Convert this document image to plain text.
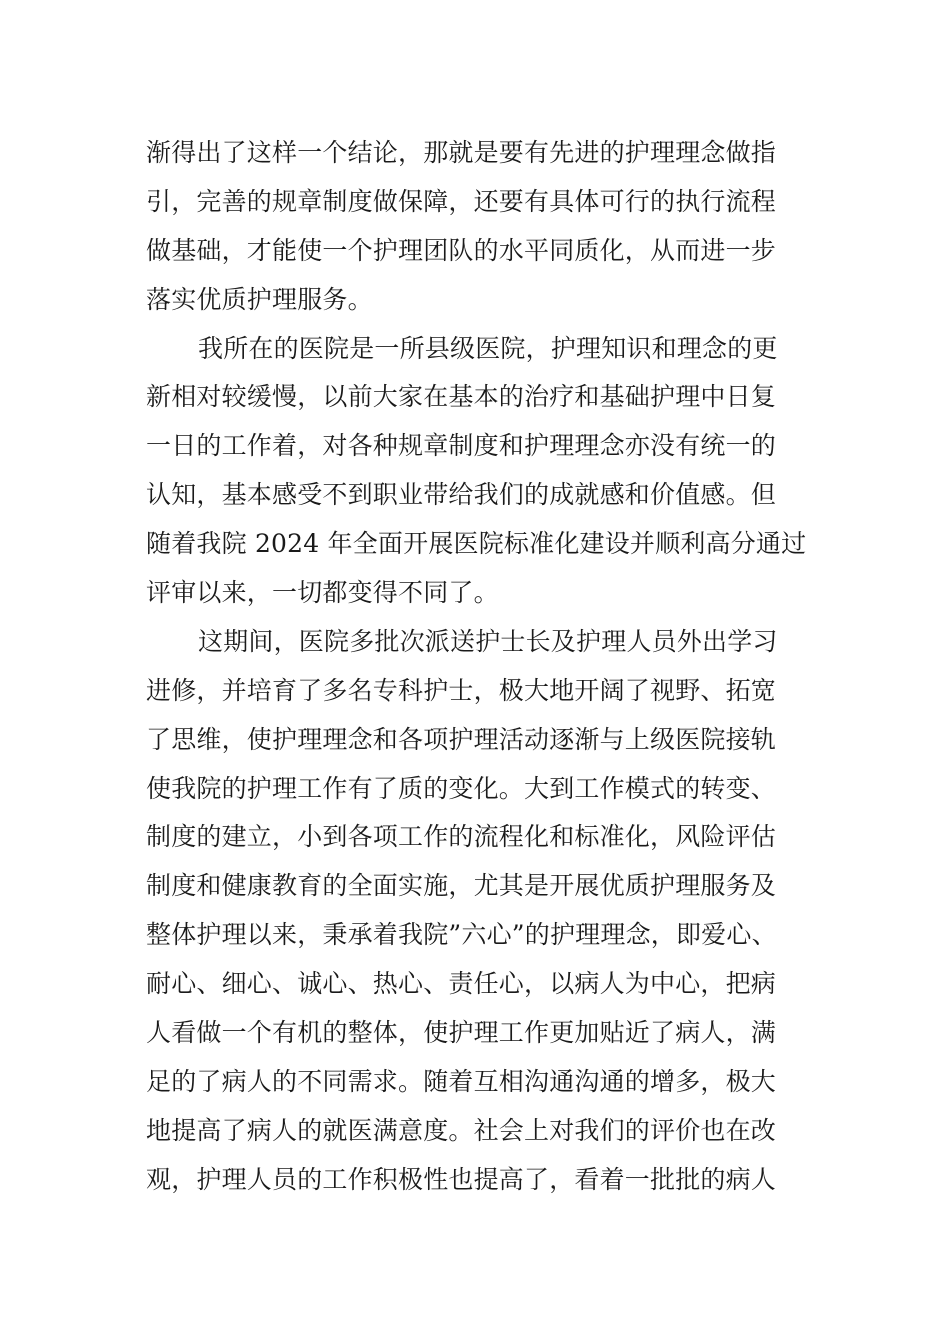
渐得出了这样一个结论，那就是要有先进的护理理念做指
引，完善的规章制度做保障，还要有具体可行的执行流程
做基础，才能使一个护理团队的水平同质化，从而进一步
落实优质护理服务。
我所在的医院是一所县级医院，护理知识和理念的更
新相对较缓慢，以前大家在基本的治疗和基础护理中日复
一日的工作着，对各种规章制度和护理理念亦没有统一的
认知，基本感受不到职业带给我们的成就感和价值感。但
随着我院 2024 年全面开展医院标准化建设并顺利高分通过
评审以来，一切都变得不同了。
这期间，医院多批次派送护士长及护理人员外出学习
进修，并培育了多名专科护士，极大地开阔了视野、拓宽
了思维，使护理理念和各项护理活动逐渐与上级医院接轨
使我院的护理工作有了质的变化。大到工作模式的转变、
制度的建立，小到各项工作的流程化和标准化，风险评估
制度和健康教育的全面实施，尤其是开展优质护理服务及
整体护理以来，秉承着我院”六心”的护理理念，即爱心、
耐心、细心、诚心、热心、责任心，以病人为中心，把病
人看做一个有机的整体，使护理工作更加贴近了病人，满
足的了病人的不同需求。随着互相沟通沟通的增多，极大
地提高了病人的就医满意度。社会上对我们的评价也在改
观，护理人员的工作积极性也提高了，看着一批批的病人
